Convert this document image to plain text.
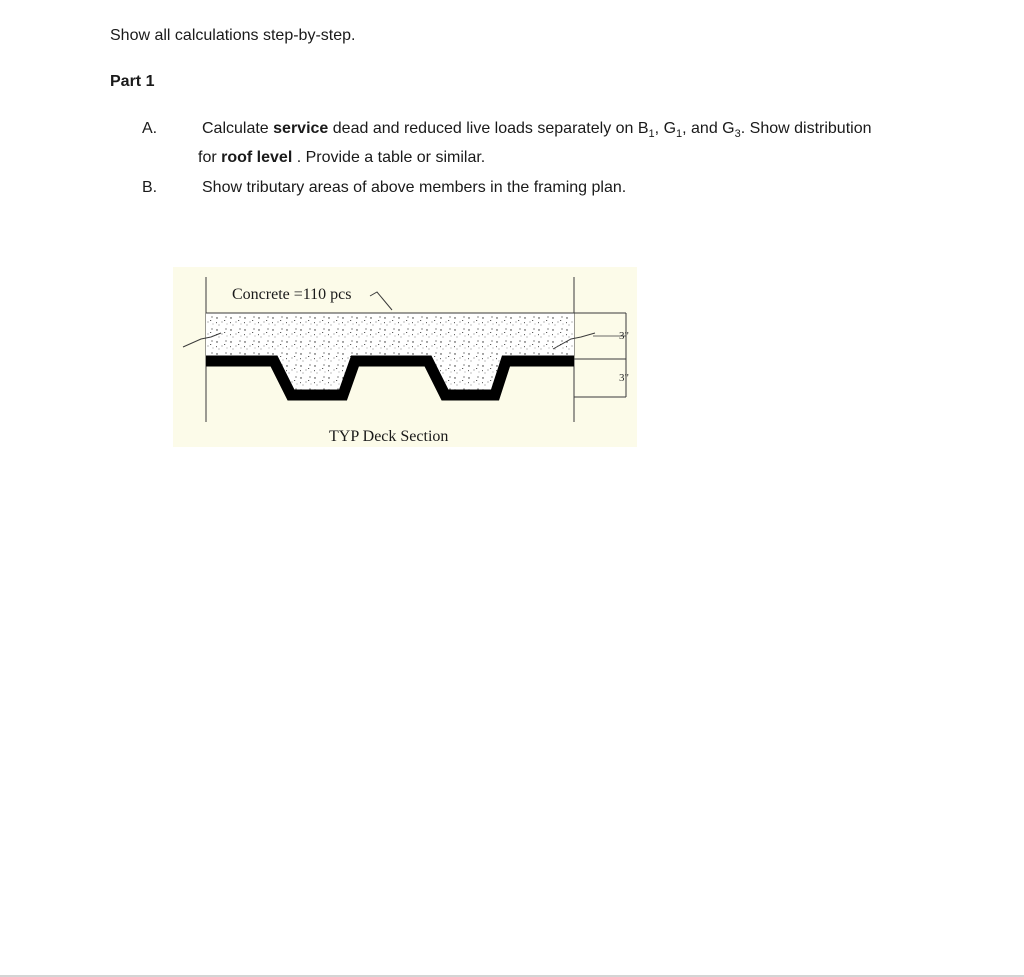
Show all calculations step-by-step.
Part 1
A.	Calculate service dead and reduced live loads separately on $B_1$, $G_1$, and $G_3$. Show distribution
for roof level . Provide a table or similar.
B.	Show tributary areas of above members in the framing plan.
3"
3"
Concrete =110 pcs
TYP Deck Section
